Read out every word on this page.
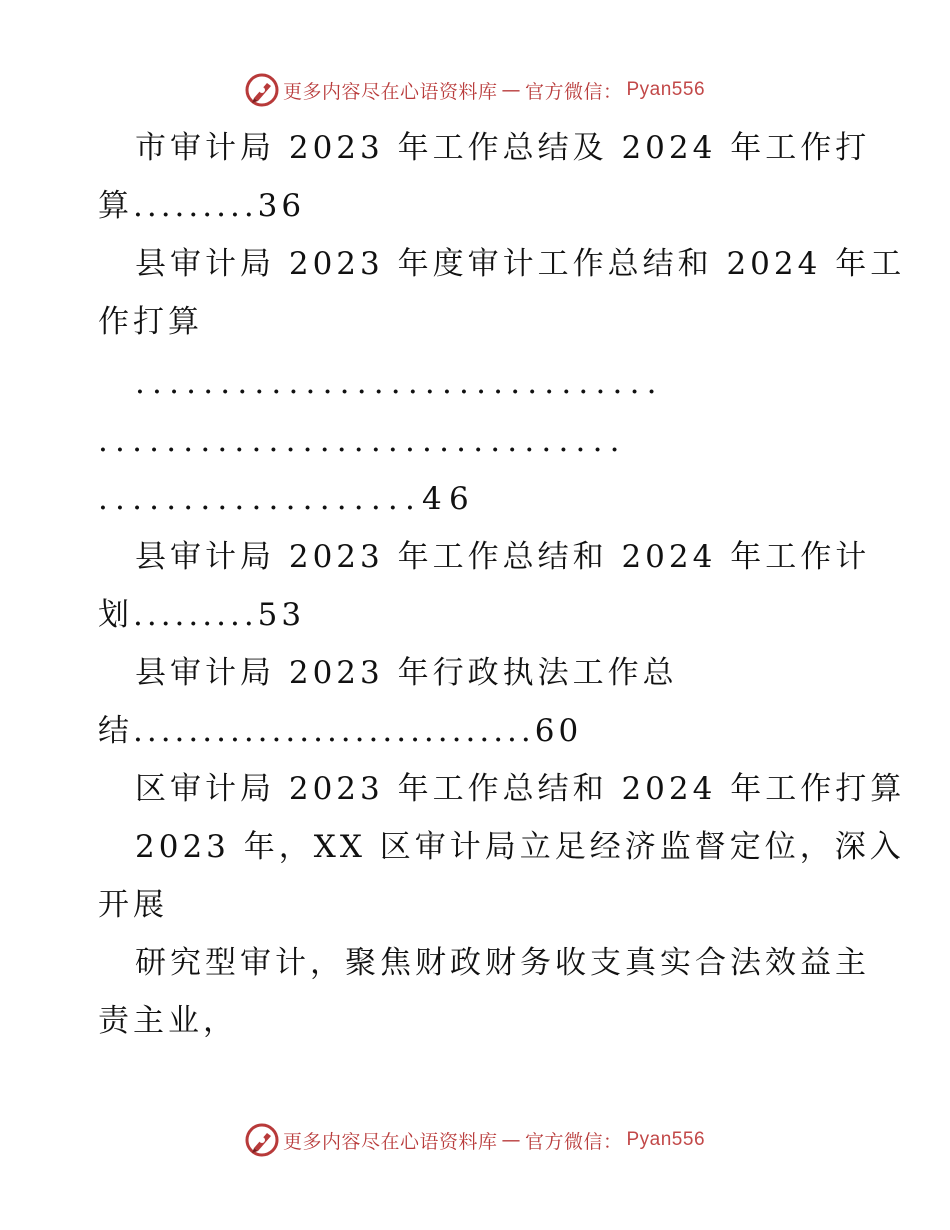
更多内容尽在心语资料库 — 官方微信： Pyan556
市审计局 2023 年工作总结及 2024 年工作打
算.........36
县审计局 2023 年度审计工作总结和 2024 年工
作打算
...............................
...............................
...................46
县审计局 2023 年工作总结和 2024 年工作计
划.........53
县审计局 2023 年行政执法工作总
结.............................60
区审计局 2023 年工作总结和 2024 年工作打算
2023 年，XX 区审计局立足经济监督定位，深入
开展
研究型审计，聚焦财政财务收支真实合法效益主
责主业，
更多内容尽在心语资料库 — 官方微信： Pyan556
